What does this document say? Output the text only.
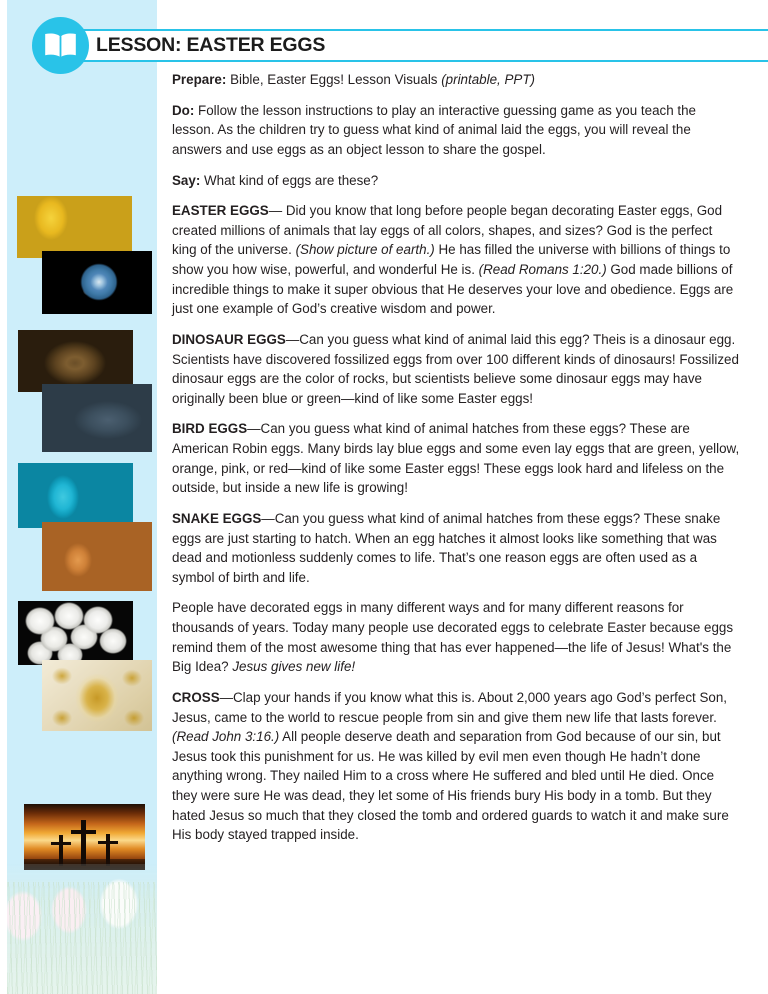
LESSON: EASTER EGGS

Prepare: Bible, Easter Eggs! Lesson Visuals (printable, PPT)

Do: Follow the lesson instructions to play an interactive guessing game as you teach the lesson. As the children try to guess what kind of animal laid the eggs, you will reveal the answers and use eggs as an object lesson to share the gospel.

Say: What kind of eggs are these?

EASTER EGGS— Did you know that long before people began decorating Easter eggs, God created millions of animals that lay eggs of all colors, shapes, and sizes? God is the perfect king of the universe. (Show picture of earth.) He has filled the universe with billions of things to show you how wise, powerful, and wonderful He is. (Read Romans 1:20.) God made billions of incredible things to make it super obvious that He deserves your love and obedience. Eggs are just one example of God’s creative wisdom and power.

DINOSAUR EGGS—Can you guess what kind of animal laid this egg? Theis is a dinosaur egg. Scientists have discovered fossilized eggs from over 100 different kinds of dinosaurs! Fossilized dinosaur eggs are the color of rocks, but scientists believe some dinosaur eggs may have originally been blue or green—kind of like some Easter eggs!

BIRD EGGS—Can you guess what kind of animal hatches from these eggs? These are American Robin eggs. Many birds lay blue eggs and some even lay eggs that are green, yellow, orange, pink, or red—kind of like some Easter eggs! These eggs look hard and lifeless on the outside, but inside a new life is growing!

SNAKE EGGS—Can you guess what kind of animal hatches from these eggs? These snake eggs are just starting to hatch. When an egg hatches it almost looks like something that was dead and motionless suddenly comes to life. That’s one reason eggs are often used as a symbol of birth and life.

People have decorated eggs in many different ways and for many different reasons for thousands of years. Today many people use decorated eggs to celebrate Easter because eggs remind them of the most awesome thing that has ever happened—the life of Jesus! What's the Big Idea? Jesus gives new life!

CROSS—Clap your hands if you know what this is. About 2,000 years ago God’s perfect Son, Jesus, came to the world to rescue people from sin and give them new life that lasts forever. (Read John 3:16.) All people deserve death and separation from God because of our sin, but Jesus took this punishment for us. He was killed by evil men even though He hadn’t done anything wrong. They nailed Him to a cross where He suffered and bled until He died. Once they were sure He was dead, they let some of His friends bury His body in a tomb. But they hated Jesus so much that they closed the tomb and ordered guards to watch it and make sure His body stayed trapped inside.
